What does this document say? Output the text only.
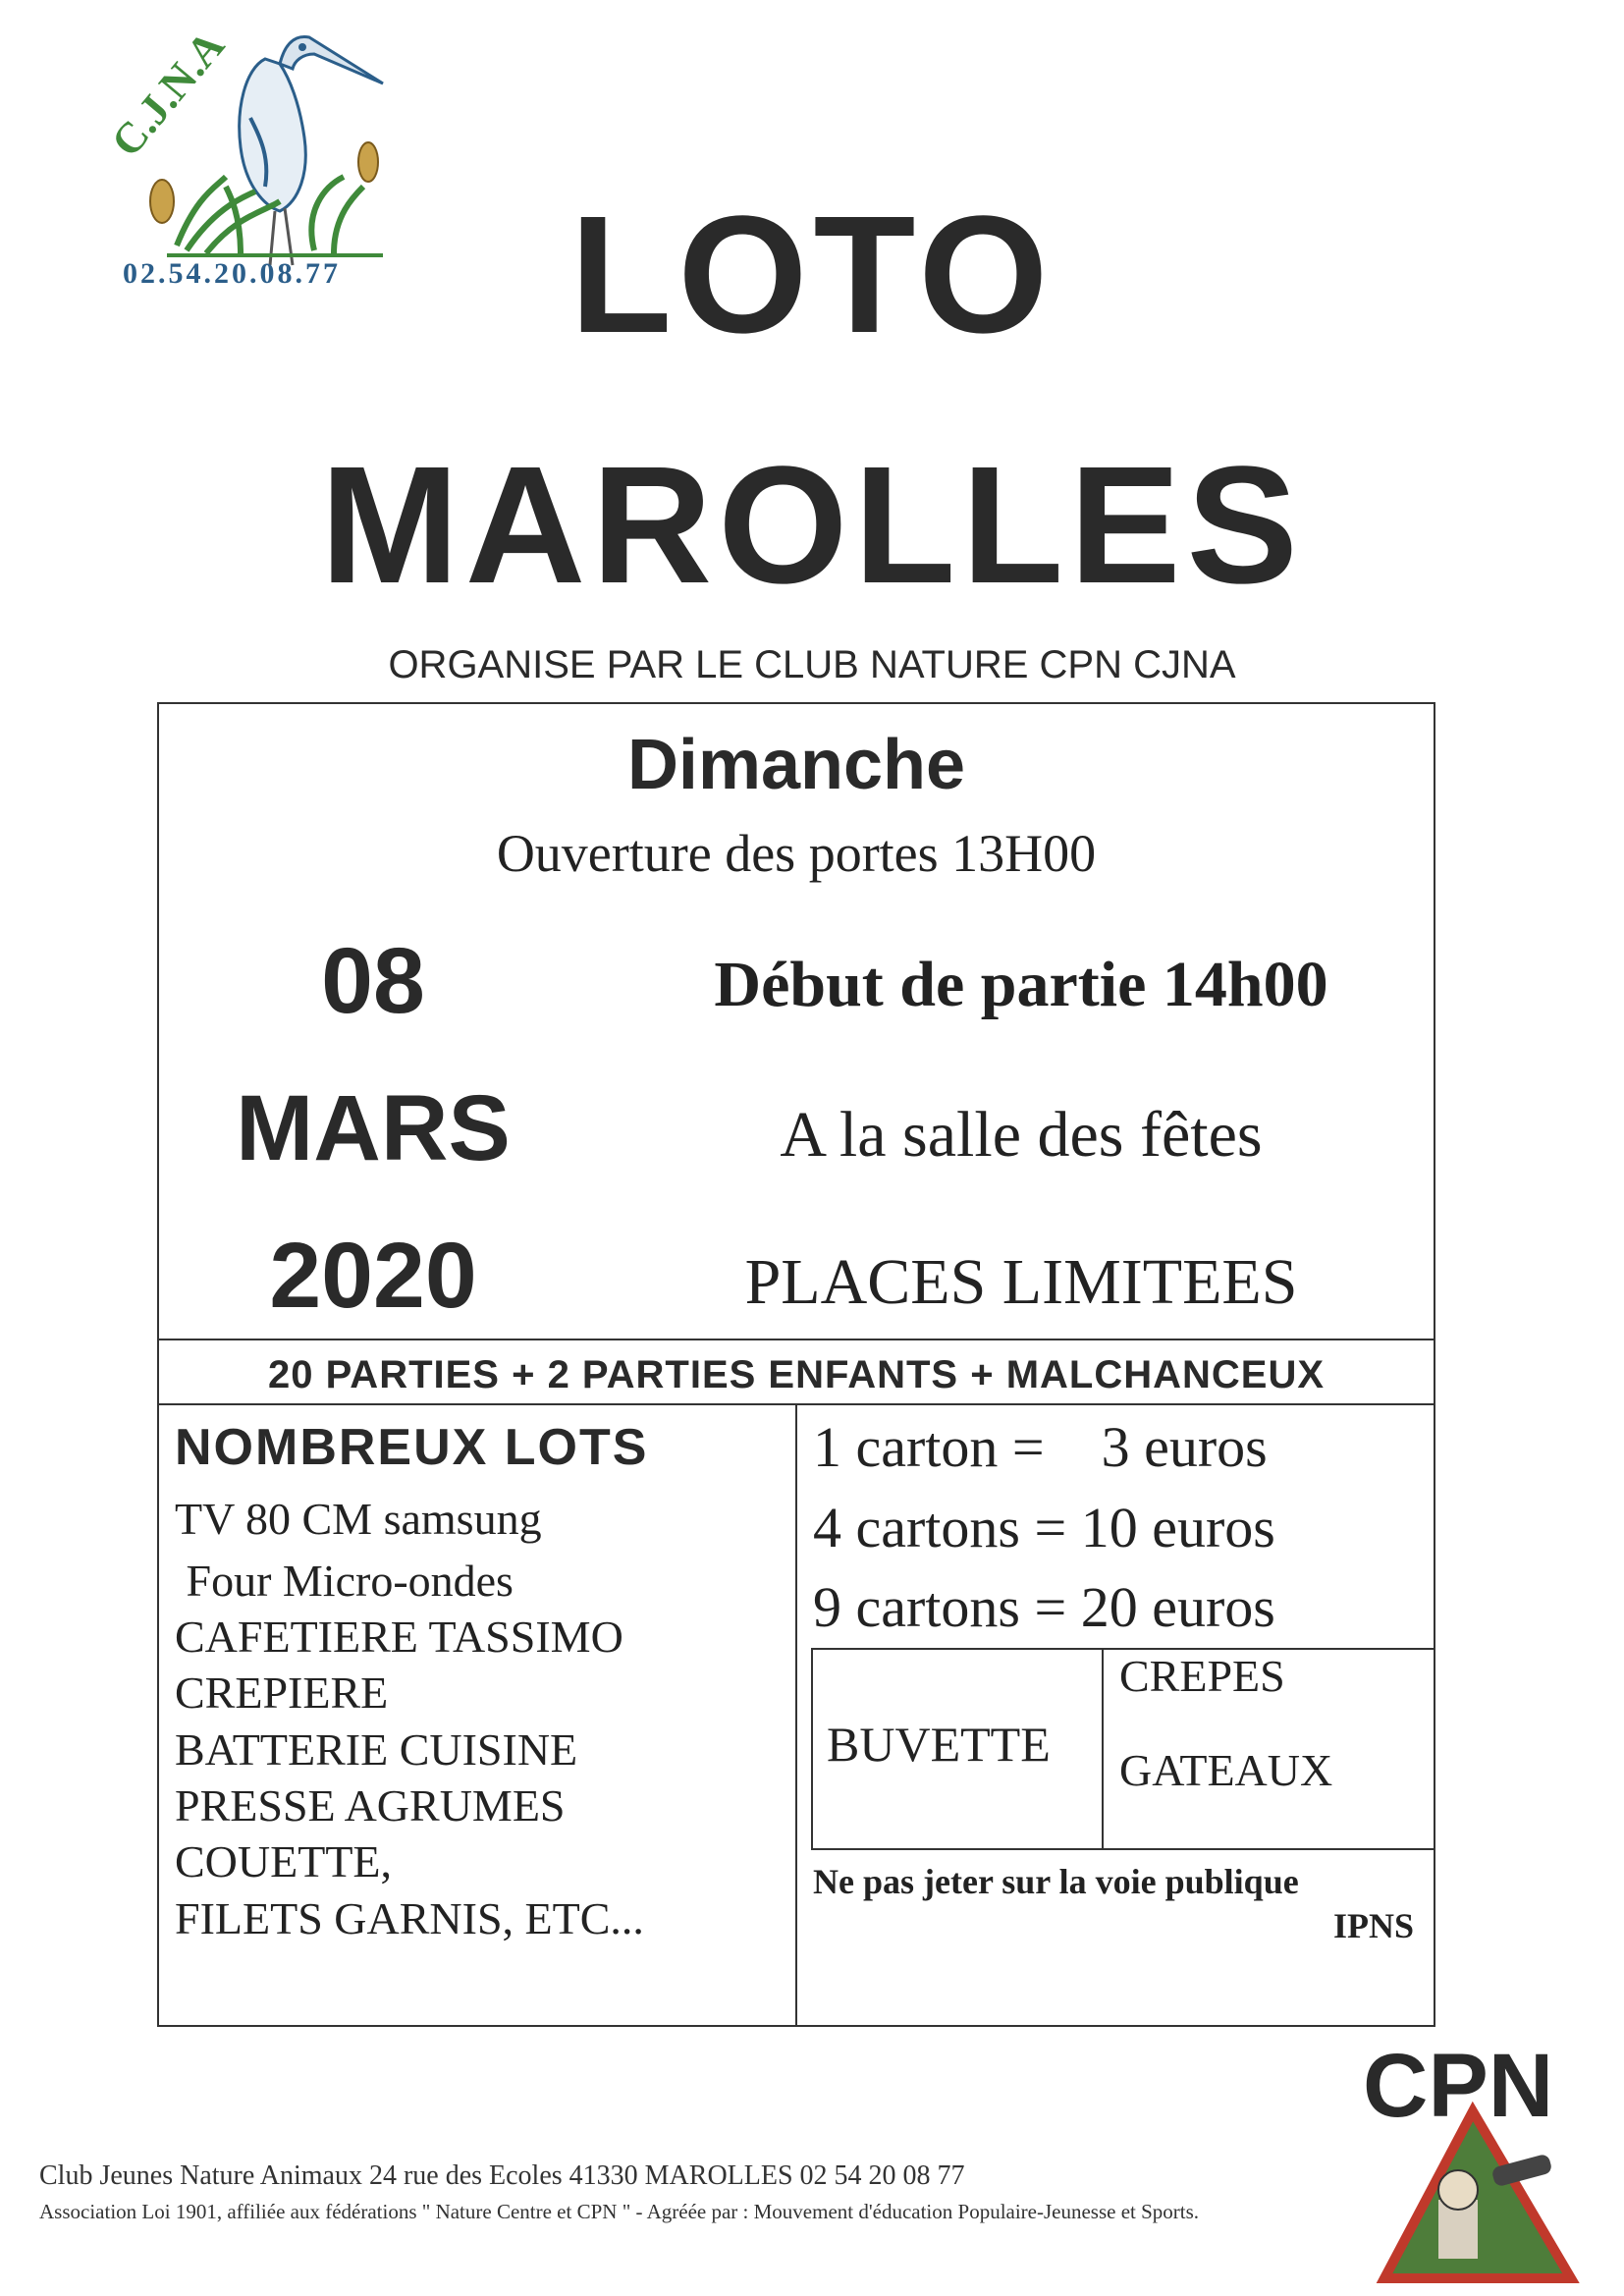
C.J.N.A
02.54.20.08.77	LOTO
MAROLLES
ORGANISE PAR LE CLUB NATURE CPN CJNA
Dimanche
Ouverture des portes 13H00
08
MARS
2020
Début de partie 14h00
A la salle des fêtes
PLACES LIMITEES
20 PARTIES + 2 PARTIES ENFANTS + MALCHANCEUX
NOMBREUX LOTS
TV 80 CM samsung
Four Micro-ondes
CAFETIERE TASSIMO
CREPIERE
BATTERIE CUISINE
PRESSE AGRUMES
COUETTE,
FILETS GARNIS, ETC...
1 carton =    3 euros
4 cartons = 10 euros
9 cartons = 20 euros
BUVETTE
CREPES
GATEAUX
Ne pas jeter sur la voie publique
IPNS
CPN
Club Jeunes Nature Animaux 24 rue des Ecoles 41330 MAROLLES 02 54 20 08 77
Association Loi 1901, affiliée aux fédérations " Nature Centre et CPN " - Agréée par : Mouvement d'éducation Populaire-Jeunesse et Sports.
